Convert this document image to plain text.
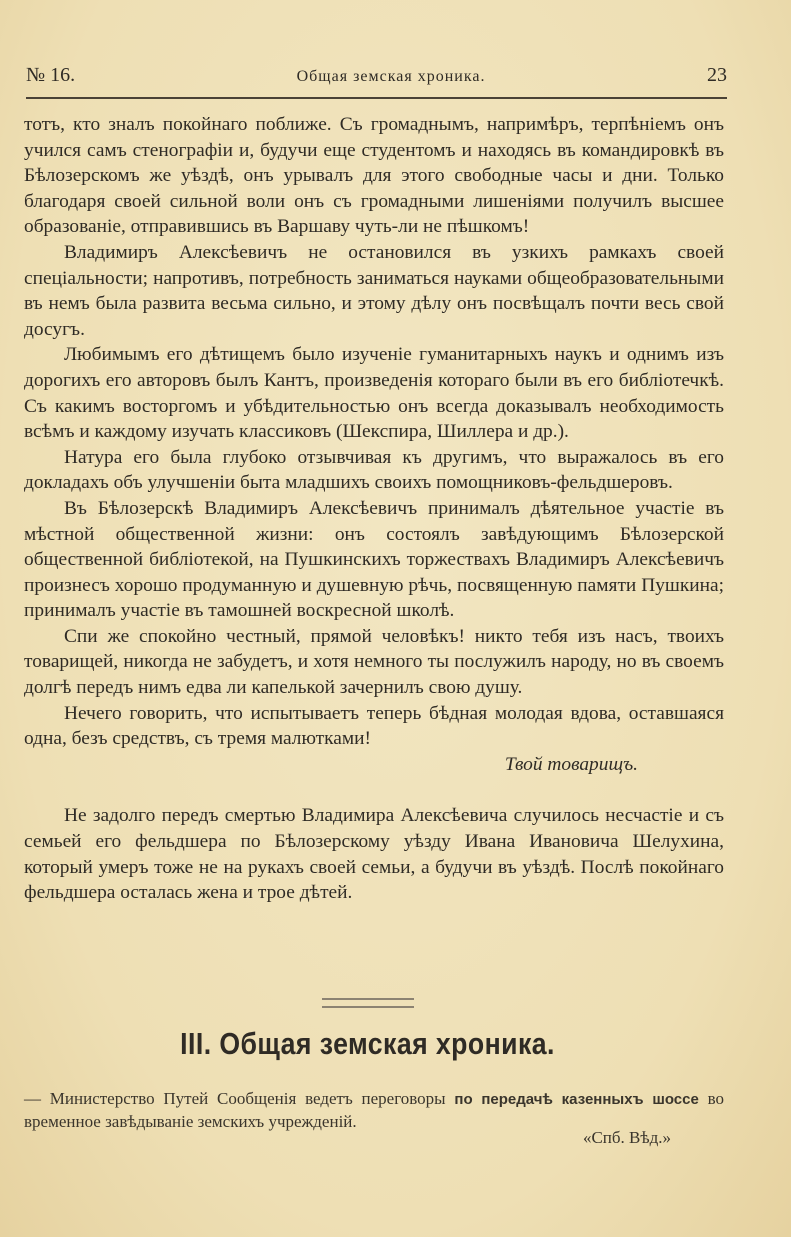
№ 16.	Общая земская хроника.	23

тотъ, кто зналъ покойнаго поближе. Съ громаднымъ, напримѣръ, терпѣніемъ онъ учился самъ стенографіи и, будучи еще студентомъ и находясь въ командировкѣ въ Бѣлозерскомъ же уѣздѣ, онъ урывалъ для этого свободные часы и дни. Только благодаря своей сильной воли онъ съ громадными лишеніями получилъ высшее образованіе, отправившись въ Варшаву чуть-ли не пѣшкомъ!

Владимиръ Алексѣевичъ не остановился въ узкихъ рамкахъ своей спеціальности; напротивъ, потребность заниматься науками общеобразовательными въ немъ была развита весьма сильно, и этому дѣлу онъ посвѣщалъ почти весь свой досугъ.

Любимымъ его дѣтищемъ было изученіе гуманитарныхъ наукъ и однимъ изъ дорогихъ его авторовъ былъ Кантъ, произведенія котораго были въ его библіотечкѣ. Съ какимъ восторгомъ и убѣдительностью онъ всегда доказывалъ необходимость всѣмъ и каждому изучать классиковъ (Шекспира, Шиллера и др.).

Натура его была глубоко отзывчивая къ другимъ, что выражалось въ его докладахъ объ улучшеніи быта младшихъ своихъ помощниковъ-фельдшеровъ.

Въ Бѣлозерскѣ Владимиръ Алексѣевичъ принималъ дѣятельное участіе въ мѣстной общественной жизни: онъ состоялъ завѣдующимъ Бѣлозерской общественной библіотекой, на Пушкинскихъ торжествахъ Владимиръ Алексѣевичъ произнесъ хорошо продуманную и душевную рѣчь, посвященную памяти Пушкина; принималъ участіе въ тамошней воскресной школѣ.

Спи же спокойно честный, прямой человѣкъ! никто тебя изъ насъ, твоихъ товарищей, никогда не забудетъ, и хотя немного ты послужилъ народу, но въ своемъ долгѣ передъ нимъ едва ли капелькой зачернилъ свою душу.

Нечего говорить, что испытываетъ теперь бѣдная молодая вдова, оставшаяся одна, безъ средствъ, съ тремя малютками!

Твой товарищъ.

Не задолго передъ смертью Владимира Алексѣевича случилось несчастіе и съ семьей его фельдшера по Бѣлозерскому уѣзду Ивана Ивановича Шелухина, который умеръ тоже не на рукахъ своей семьи, а будучи въ уѣздѣ. Послѣ покойнаго фельдшера осталась жена и трое дѣтей.

III. Общая земская хроника.

— Министерство Путей Сообщенія ведетъ переговоры по передачѣ казенныхъ шоссе во временное завѣдываніе земскихъ учрежденій.

«Спб. Вѣд.»
